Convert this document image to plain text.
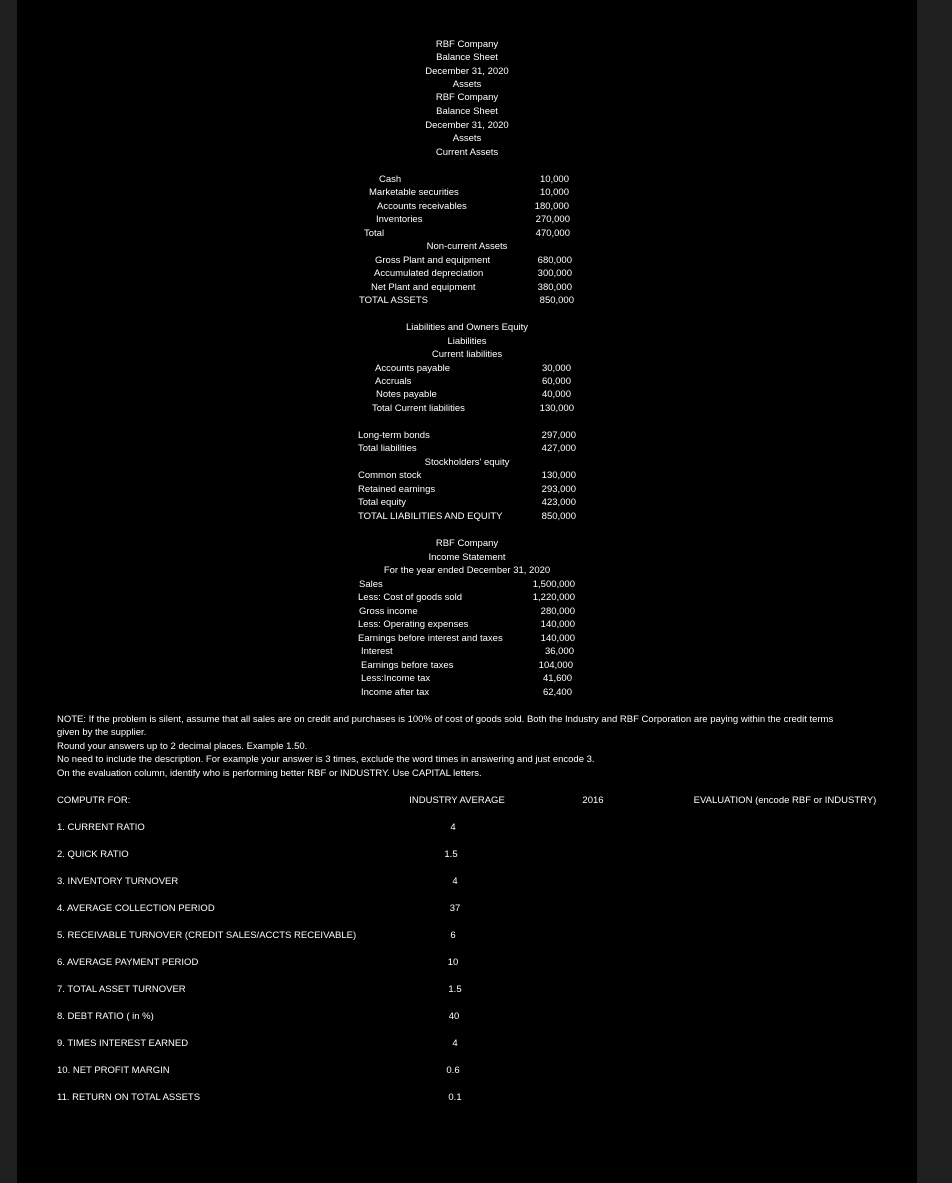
RBF Company
Balance Sheet
December 31, 2020
Assets
RBF Company
Balance Sheet
December 31, 2020
Assets
Current Assets
Cash	10,000
Marketable securities	10,000
Accounts receivables	180,000
Inventories	270,000
Total	470,000
Non-current Assets
Gross Plant and equipment	680,000
Accumulated depreciation	300,000
Net Plant and equipment	380,000
TOTAL ASSETS	850,000
Liabilities and Owners Equity
Liabilities
Current liabilities
Accounts payable	30,000
Accruals	60,000
Notes payable	40,000
Total Current liabilities	130,000
Long-term bonds	297,000
Total liabilities	427,000
Stockholders' equity
Common stock	130,000
Retained earnings	293,000
Total equity	423,000
TOTAL LIABILITIES AND EQUITY	850,000
RBF Company
Income Statement
For the year ended December 31, 2020
Sales	1,500,000
Less: Cost of goods sold	1,220,000
Gross income	280,000
Less: Operating expenses	140,000
Earnings before interest and taxes	140,000
Interest	36,000
Earnings before taxes	104,000
Less:Income tax	41,600
Income after tax	62,400
NOTE: If the problem is silent, assume that all sales are on credit and purchases is 100% of cost of goods sold. Both the Industry and RBF Corporation are paying within the credit terms
given by the supplier.
Round your answers up to 2 decimal places. Example 1.50.
No need to include the description. For example your answer is 3 times, exclude the word times in answering and just encode 3.
On the evaluation column, identify who is performing better RBF or INDUSTRY. Use CAPITAL letters.
COMPUTR FOR:	INDUSTRY AVERAGE	2016	EVALUATION (encode RBF or INDUSTRY)
1. CURRENT RATIO	4
2. QUICK RATIO	1.5
3. INVENTORY TURNOVER	4
4. AVERAGE COLLECTION PERIOD	37
5. RECEIVABLE TURNOVER (CREDIT SALES/ACCTS RECEIVABLE)	6
6. AVERAGE PAYMENT PERIOD	10
7. TOTAL ASSET TURNOVER	1.5
8. DEBT RATIO ( in %)	40
9. TIMES INTEREST EARNED	4
10. NET PROFIT MARGIN	0.6
11. RETURN ON TOTAL ASSETS	0.1
